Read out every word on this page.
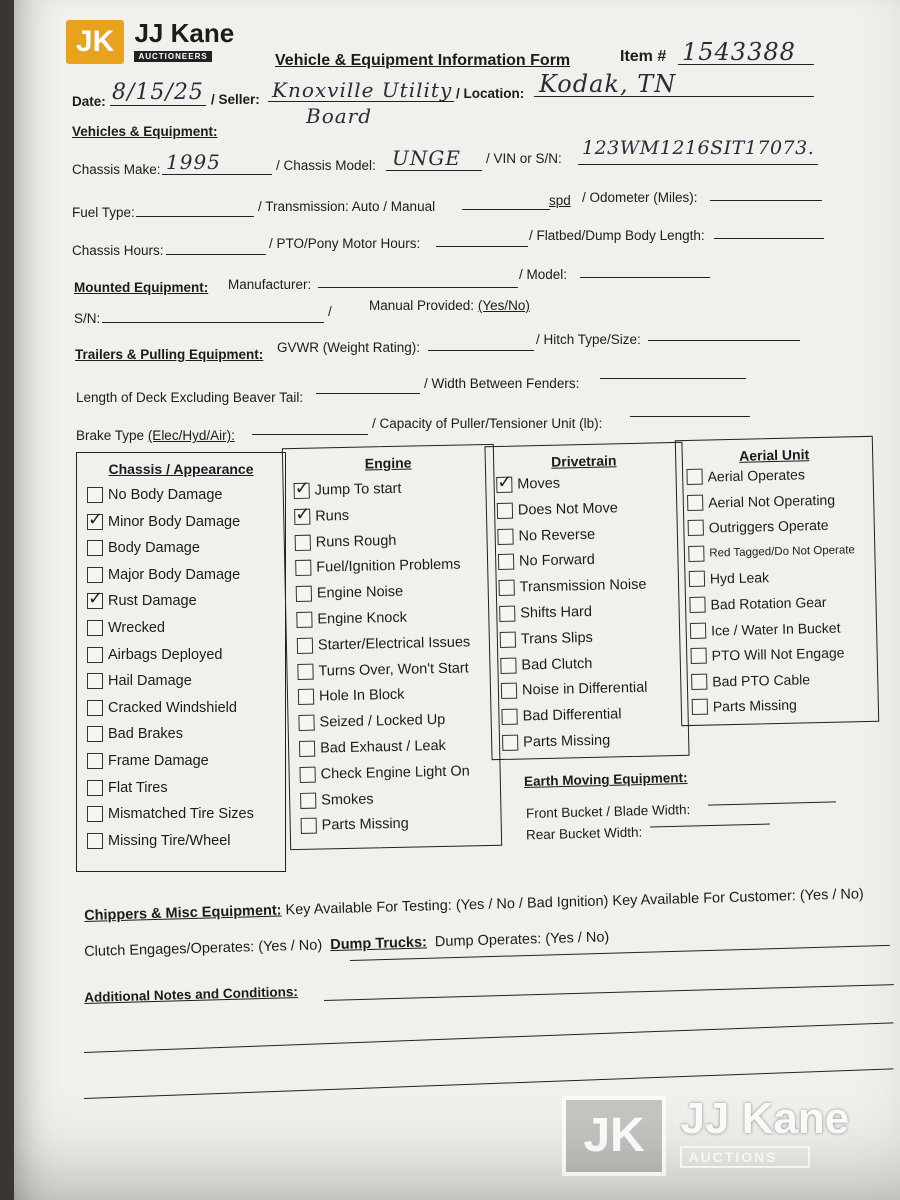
JK JJ Kane
AUCTIONEERS	Vehicle & Equipment Information Form	Item # 1543388
Date: 8/15/25 / Seller: Knoxville Utility
Board
/ Location: Kodak, TN
Vehicles & Equipment:
Chassis Make: 1995	/ Chassis Model: UNGE / VIN or S/N: 123WM1216SIT17073.
Fuel Type:	/ Transmission: Auto / Manual	spd / Odometer (Miles):
Chassis Hours:	/ PTO/Pony Motor Hours:
/ Flatbed/Dump Body Length:
Mounted Equipment: Manufacturer:
/ Model:
S/N:	/	Manual Provided: (Yes/No)
Trailers & Pulling Equipment: GVWR (Weight Rating):
/ Hitch Type/Size:
Length of Deck Excluding Beaver Tail:
/ Width Between Fenders:
Brake Type (Elec/Hyd/Air):
/ Capacity of Puller/Tensioner Unit (lb):
Chassis / Appearance
No Body Damage
✓
Minor Body Damage
Body Damage
Major Body Damage
✓
Rust Damage
Wrecked
Airbags Deployed
Hail Damage
Cracked Windshield
Bad Brakes
Frame Damage
Flat Tires
Mismatched Tire Sizes
Missing Tire/Wheel
Engine
✓
Jump To start
✓
Runs
Runs Rough
Fuel/Ignition Problems
Engine Noise
Engine Knock
Starter/Electrical Issues
Turns Over, Won't Start
Hole In Block
Seized / Locked Up
Bad Exhaust / Leak
Check Engine Light On
Smokes
Parts Missing
Drivetrain
✓
Moves
Does Not Move
No Reverse
No Forward
Transmission Noise
Shifts Hard
Trans Slips
Bad Clutch
Noise in Differential
Bad Differential
Parts Missing
Aerial Unit
Aerial Operates
Aerial Not Operating
Outriggers Operate
Red Tagged/Do Not Operate
Hyd Leak
Bad Rotation Gear
Ice / Water In Bucket
PTO Will Not Engage
Bad PTO Cable
Parts Missing
Earth Moving Equipment:
Front Bucket / Blade Width:
Rear Bucket Width:
Chippers & Misc Equipment: Key Available For Testing: (Yes / No / Bad Ignition) Key Available For Customer: (Yes / No)
Clutch Engages/Operates: (Yes / No) Dump Trucks: Dump Operates: (Yes / No)
Additional Notes and Conditions:
JK JJ Kane
AUCTIONS
